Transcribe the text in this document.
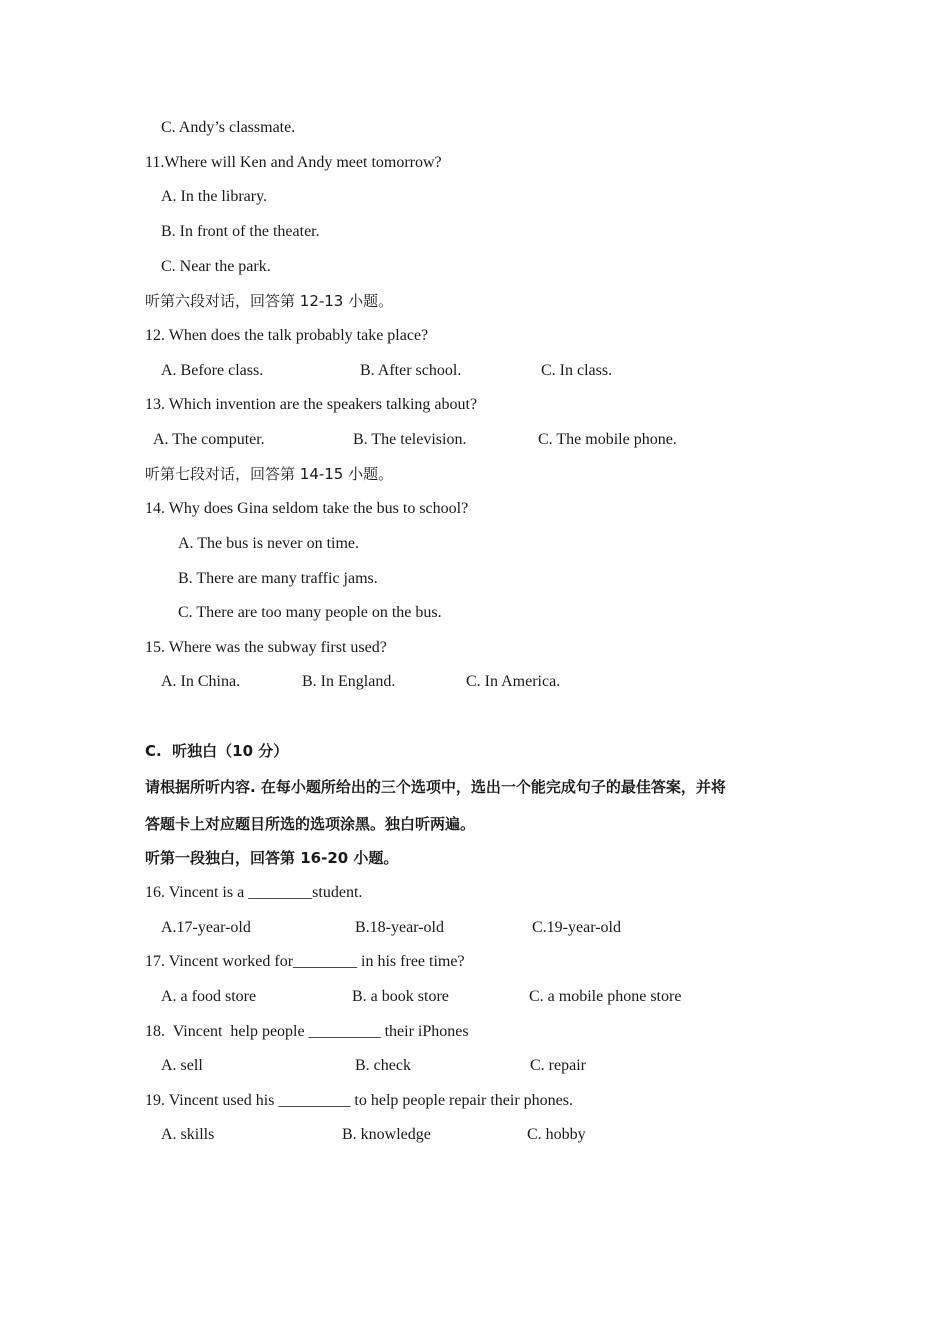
C. Andy’s classmate.
11.Where will Ken and Andy meet tomorrow?
A. In the library.
B. In front of the theater.
C. Near the park.
听第六段对话，回答第 12-13 小题。
12. When does the talk probably take place?
A. Before class.	B. After school.	C. In class.
13. Which invention are the speakers talking about?
A. The computer.	B. The television.	C. The mobile phone.
听第七段对话，回答第 14-15 小题。
14. Why does Gina seldom take the bus to school?
A. The bus is never on time.
B. There are many traffic jams.
C. There are too many people on the bus.
15. Where was the subway first used?
A. In China.	B. In England.	C. In America.
C.  听独白（10 分）
请根据所听内容. 在每小题所给出的三个选项中，选出一个能完成句子的最佳答案，并将
答题卡上对应题目所选的选项涂黑。独白听两遍。
听第一段独白，回答第 16-20 小题。
16. Vincent is a ________student.
A.17-year-old	B.18-year-old	C.19-year-old
17. Vincent worked for________ in his free time?
A. a food store	B. a book store	C. a mobile phone store
18.  Vincent  help people _________ their iPhones
A. sell	B. check	C. repair
19. Vincent used his _________ to help people repair their phones.
A. skills	B. knowledge	C. hobby
